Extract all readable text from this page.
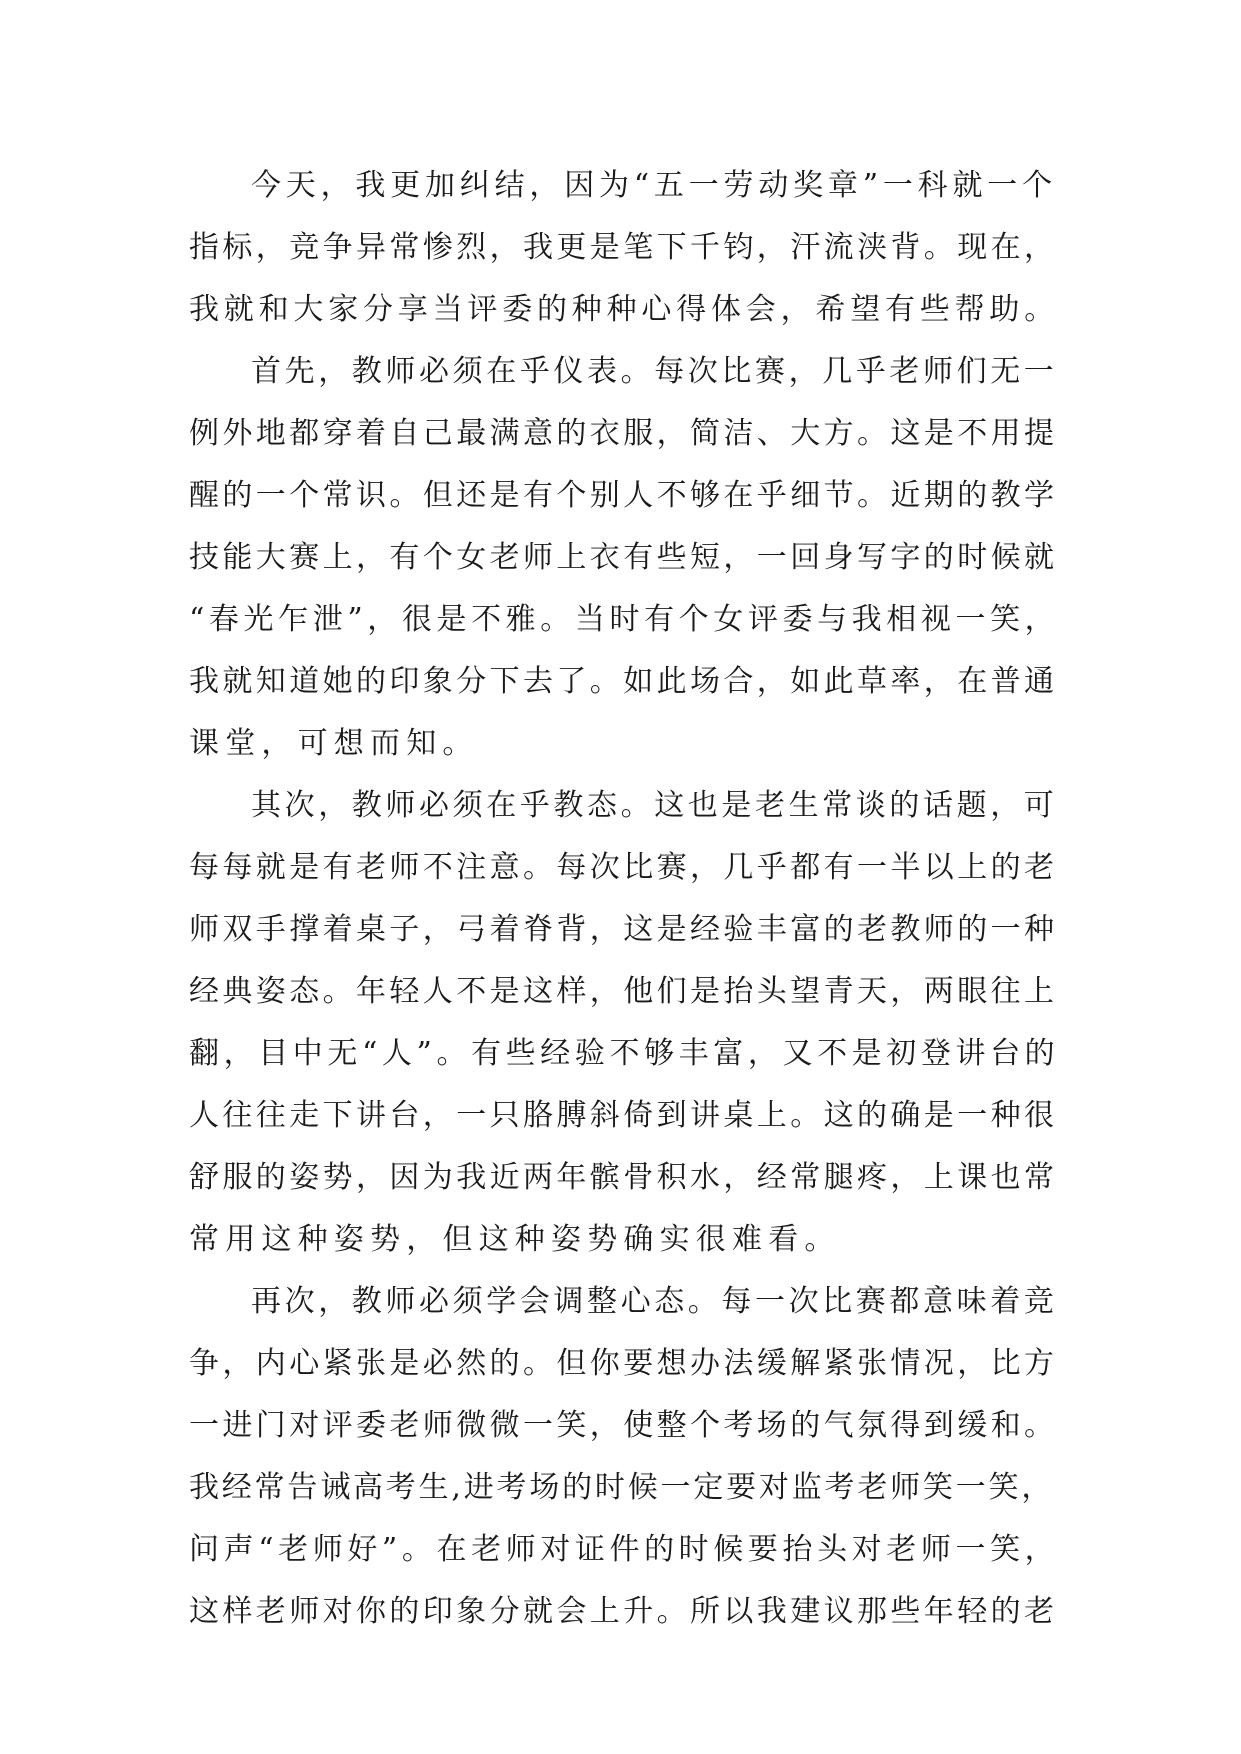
今天，我更加纠结，因为“五一劳动奖章”一科就一个
指标，竞争异常惨烈，我更是笔下千钧，汗流浃背。现在，
我就和大家分享当评委的种种心得体会，希望有些帮助。
首先，教师必须在乎仪表。每次比赛，几乎老师们无一
例外地都穿着自己最满意的衣服，简洁、大方。这是不用提
醒的一个常识。但还是有个别人不够在乎细节。近期的教学
技能大赛上，有个女老师上衣有些短，一回身写字的时候就
“春光乍泄”，很是不雅。当时有个女评委与我相视一笑，
我就知道她的印象分下去了。如此场合，如此草率，在普通
课堂，可想而知。
其次，教师必须在乎教态。这也是老生常谈的话题，可
每每就是有老师不注意。每次比赛，几乎都有一半以上的老
师双手撑着桌子，弓着脊背，这是经验丰富的老教师的一种
经典姿态。年轻人不是这样，他们是抬头望青天，两眼往上
翻，目中无“人”。有些经验不够丰富，又不是初登讲台的
人往往走下讲台，一只胳膊斜倚到讲桌上。这的确是一种很
舒服的姿势，因为我近两年髌骨积水，经常腿疼，上课也常
常用这种姿势，但这种姿势确实很难看。
再次，教师必须学会调整心态。每一次比赛都意味着竞
争，内心紧张是必然的。但你要想办法缓解紧张情况，比方
一进门对评委老师微微一笑，使整个考场的气氛得到缓和。
我经常告诫高考生,进考场的时候一定要对监考老师笑一笑，
问声“老师好”。在老师对证件的时候要抬头对老师一笑，
这样老师对你的印象分就会上升。所以我建议那些年轻的老
